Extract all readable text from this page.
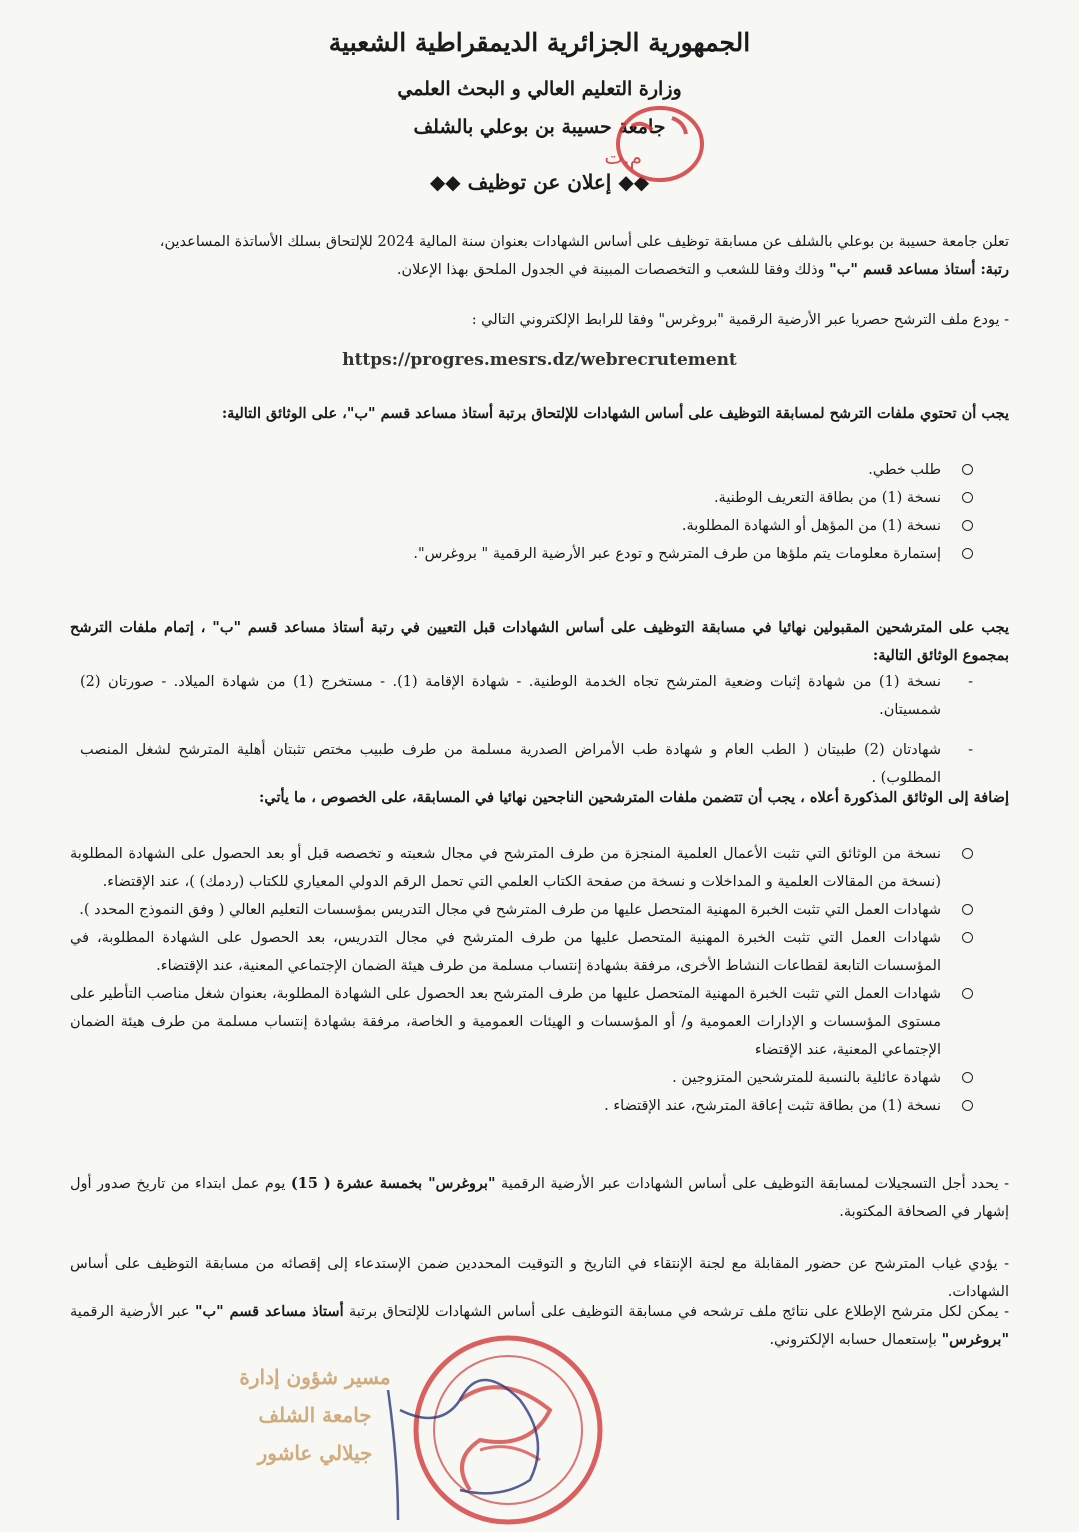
الجمهورية الجزائرية الديمقراطية الشعبية
وزارة التعليم العالي و البحث العلمي
جامعة حسيبة بن بوعلي بالشلف
◆◆ إعلان عن توظيف ◆◆
م.ت
تعلن جامعة حسيبة بن بوعلي بالشلف عن مسابقة توظيف على أساس الشهادات بعنوان سنة المالية 2024 للإلتحاق بسلك الأساتذة المساعدين،
رتبة: أستاذ مساعد قسم "ب" وذلك وفقا للشعب و التخصصات المبينة في الجدول الملحق بهذا الإعلان.
- يودع ملف الترشح حصريا عبر الأرضية الرقمية "بروغرس" وفقا للرابط الإلكتروني التالي :
https://progres.mesrs.dz/webrecrutement
يجب أن تحتوي ملفات الترشح لمسابقة التوظيف على أساس الشهادات للإلتحاق برتبة أستاذ مساعد قسم "ب"، على الوثائق التالية:
طلب خطي.
نسخة (1) من بطاقة التعريف الوطنية.
نسخة (1) من المؤهل أو الشهادة المطلوبة.
إستمارة معلومات يتم ملؤها من طرف المترشح و تودع عبر الأرضية الرقمية " بروغرس".
يجب على المترشحين المقبولين نهائيا في مسابقة التوظيف على أساس الشهادات قبل التعيين في رتبة أستاذ مساعد قسم "ب" ، إتمام ملفات الترشح بمجموع الوثائق التالية:
-
نسخة (1) من شهادة إثبات وضعية المترشح تجاه الخدمة الوطنية. - شهادة الإقامة (1). - مستخرج (1) من شهادة الميلاد. - صورتان (2) شمسيتان.
-
شهادتان (2) طبيتان ( الطب العام و شهادة طب الأمراض الصدرية مسلمة من طرف طبيب مختص تثبتان أهلية المترشح لشغل المنصب المطلوب) .
إضافة إلى الوثائق المذكورة أعلاه ، يجب أن تتضمن ملفات المترشحين الناجحين نهائيا في المسابقة، على الخصوص ، ما يأتي:
نسخة من الوثائق التي تثبت الأعمال العلمية المنجزة من طرف المترشح في مجال شعبته و تخصصه قبل أو بعد الحصول على الشهادة المطلوبة (نسخة من المقالات العلمية و المداخلات و نسخة من صفحة الكتاب العلمي التي تحمل الرقم الدولي المعياري للكتاب (ردمك) )، عند الإقتضاء.
شهادات العمل التي تثبت الخبرة المهنية المتحصل عليها من طرف المترشح في مجال التدريس بمؤسسات التعليم العالي ( وفق النموذج المحدد ).
شهادات العمل التي تثبت الخبرة المهنية المتحصل عليها من طرف المترشح في مجال التدريس، بعد الحصول على الشهادة المطلوبة، في المؤسسات التابعة لقطاعات النشاط الأخرى، مرفقة بشهادة إنتساب مسلمة من طرف هيئة الضمان الإجتماعي المعنية، عند الإقتضاء.
شهادات العمل التي تثبت الخبرة المهنية المتحصل عليها من طرف المترشح بعد الحصول على الشهادة المطلوبة، بعنوان شغل مناصب التأطير على مستوى المؤسسات و الإدارات العمومية و/ أو المؤسسات و الهيئات العمومية و الخاصة، مرفقة بشهادة إنتساب مسلمة من طرف هيئة الضمان الإجتماعي المعنية، عند الإقتضاء
شهادة عائلية بالنسبة للمترشحين المتزوجين .
نسخة (1) من بطاقة تثبت إعاقة المترشح، عند الإقتضاء .
- يحدد أجل التسجيلات لمسابقة التوظيف على أساس الشهادات عبر الأرضية الرقمية "بروغرس" بخمسة عشرة ( 15) يوم عمل ابتداء من تاريخ صدور أول إشهار في الصحافة المكتوبة.
- يؤدي غياب المترشح عن حضور المقابلة مع لجنة الإنتقاء في التاريخ و التوقيت المحددين ضمن الإستدعاء إلى إقصائه من مسابقة التوظيف على أساس الشهادات.
- يمكن لكل مترشح الإطلاع على نتائج ملف ترشحه في مسابقة التوظيف على أساس الشهادات للإلتحاق برتبة أستاذ مساعد قسم "ب" عبر الأرضية الرقمية "بروغرس" بإستعمال حسابه الإلكتروني.
مسير شؤون إدارة
جامعة الشلف
جيلالي عاشور
